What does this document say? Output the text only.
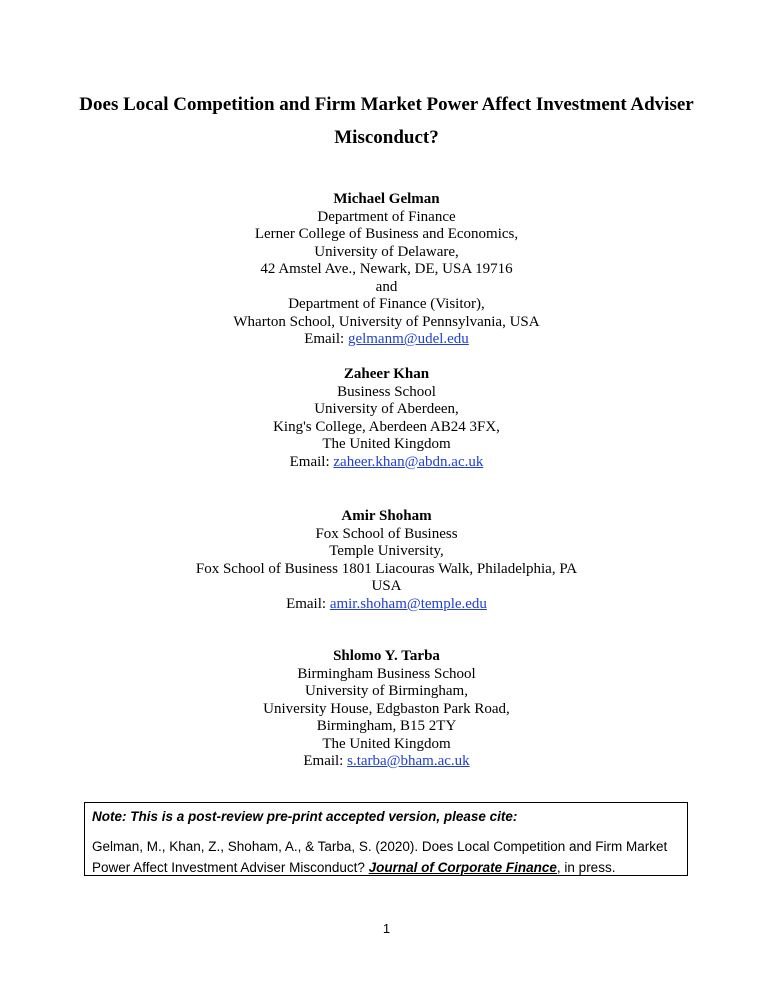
Does Local Competition and Firm Market Power Affect Investment Adviser
Misconduct?
Michael Gelman
Department of Finance
Lerner College of Business and Economics,
University of Delaware,
42 Amstel Ave., Newark, DE, USA 19716
and
Department of Finance (Visitor),
Wharton School, University of Pennsylvania, USA
Email: gelmanm@udel.edu
Zaheer Khan
Business School
University of Aberdeen,
King's College, Aberdeen AB24 3FX,
The United Kingdom
Email: zaheer.khan@abdn.ac.uk
Amir Shoham
Fox School of Business
Temple University,
Fox School of Business 1801 Liacouras Walk, Philadelphia, PA
USA
Email: amir.shoham@temple.edu
Shlomo Y. Tarba
Birmingham Business School
University of Birmingham,
University House, Edgbaston Park Road,
Birmingham, B15 2TY
The United Kingdom
Email: s.tarba@bham.ac.uk
Note: This is a post-review pre-print accepted version, please cite:
Gelman, M., Khan, Z., Shoham, A., & Tarba, S. (2020). Does Local Competition and Firm Market Power Affect Investment Adviser Misconduct? Journal of Corporate Finance, in press.
1
